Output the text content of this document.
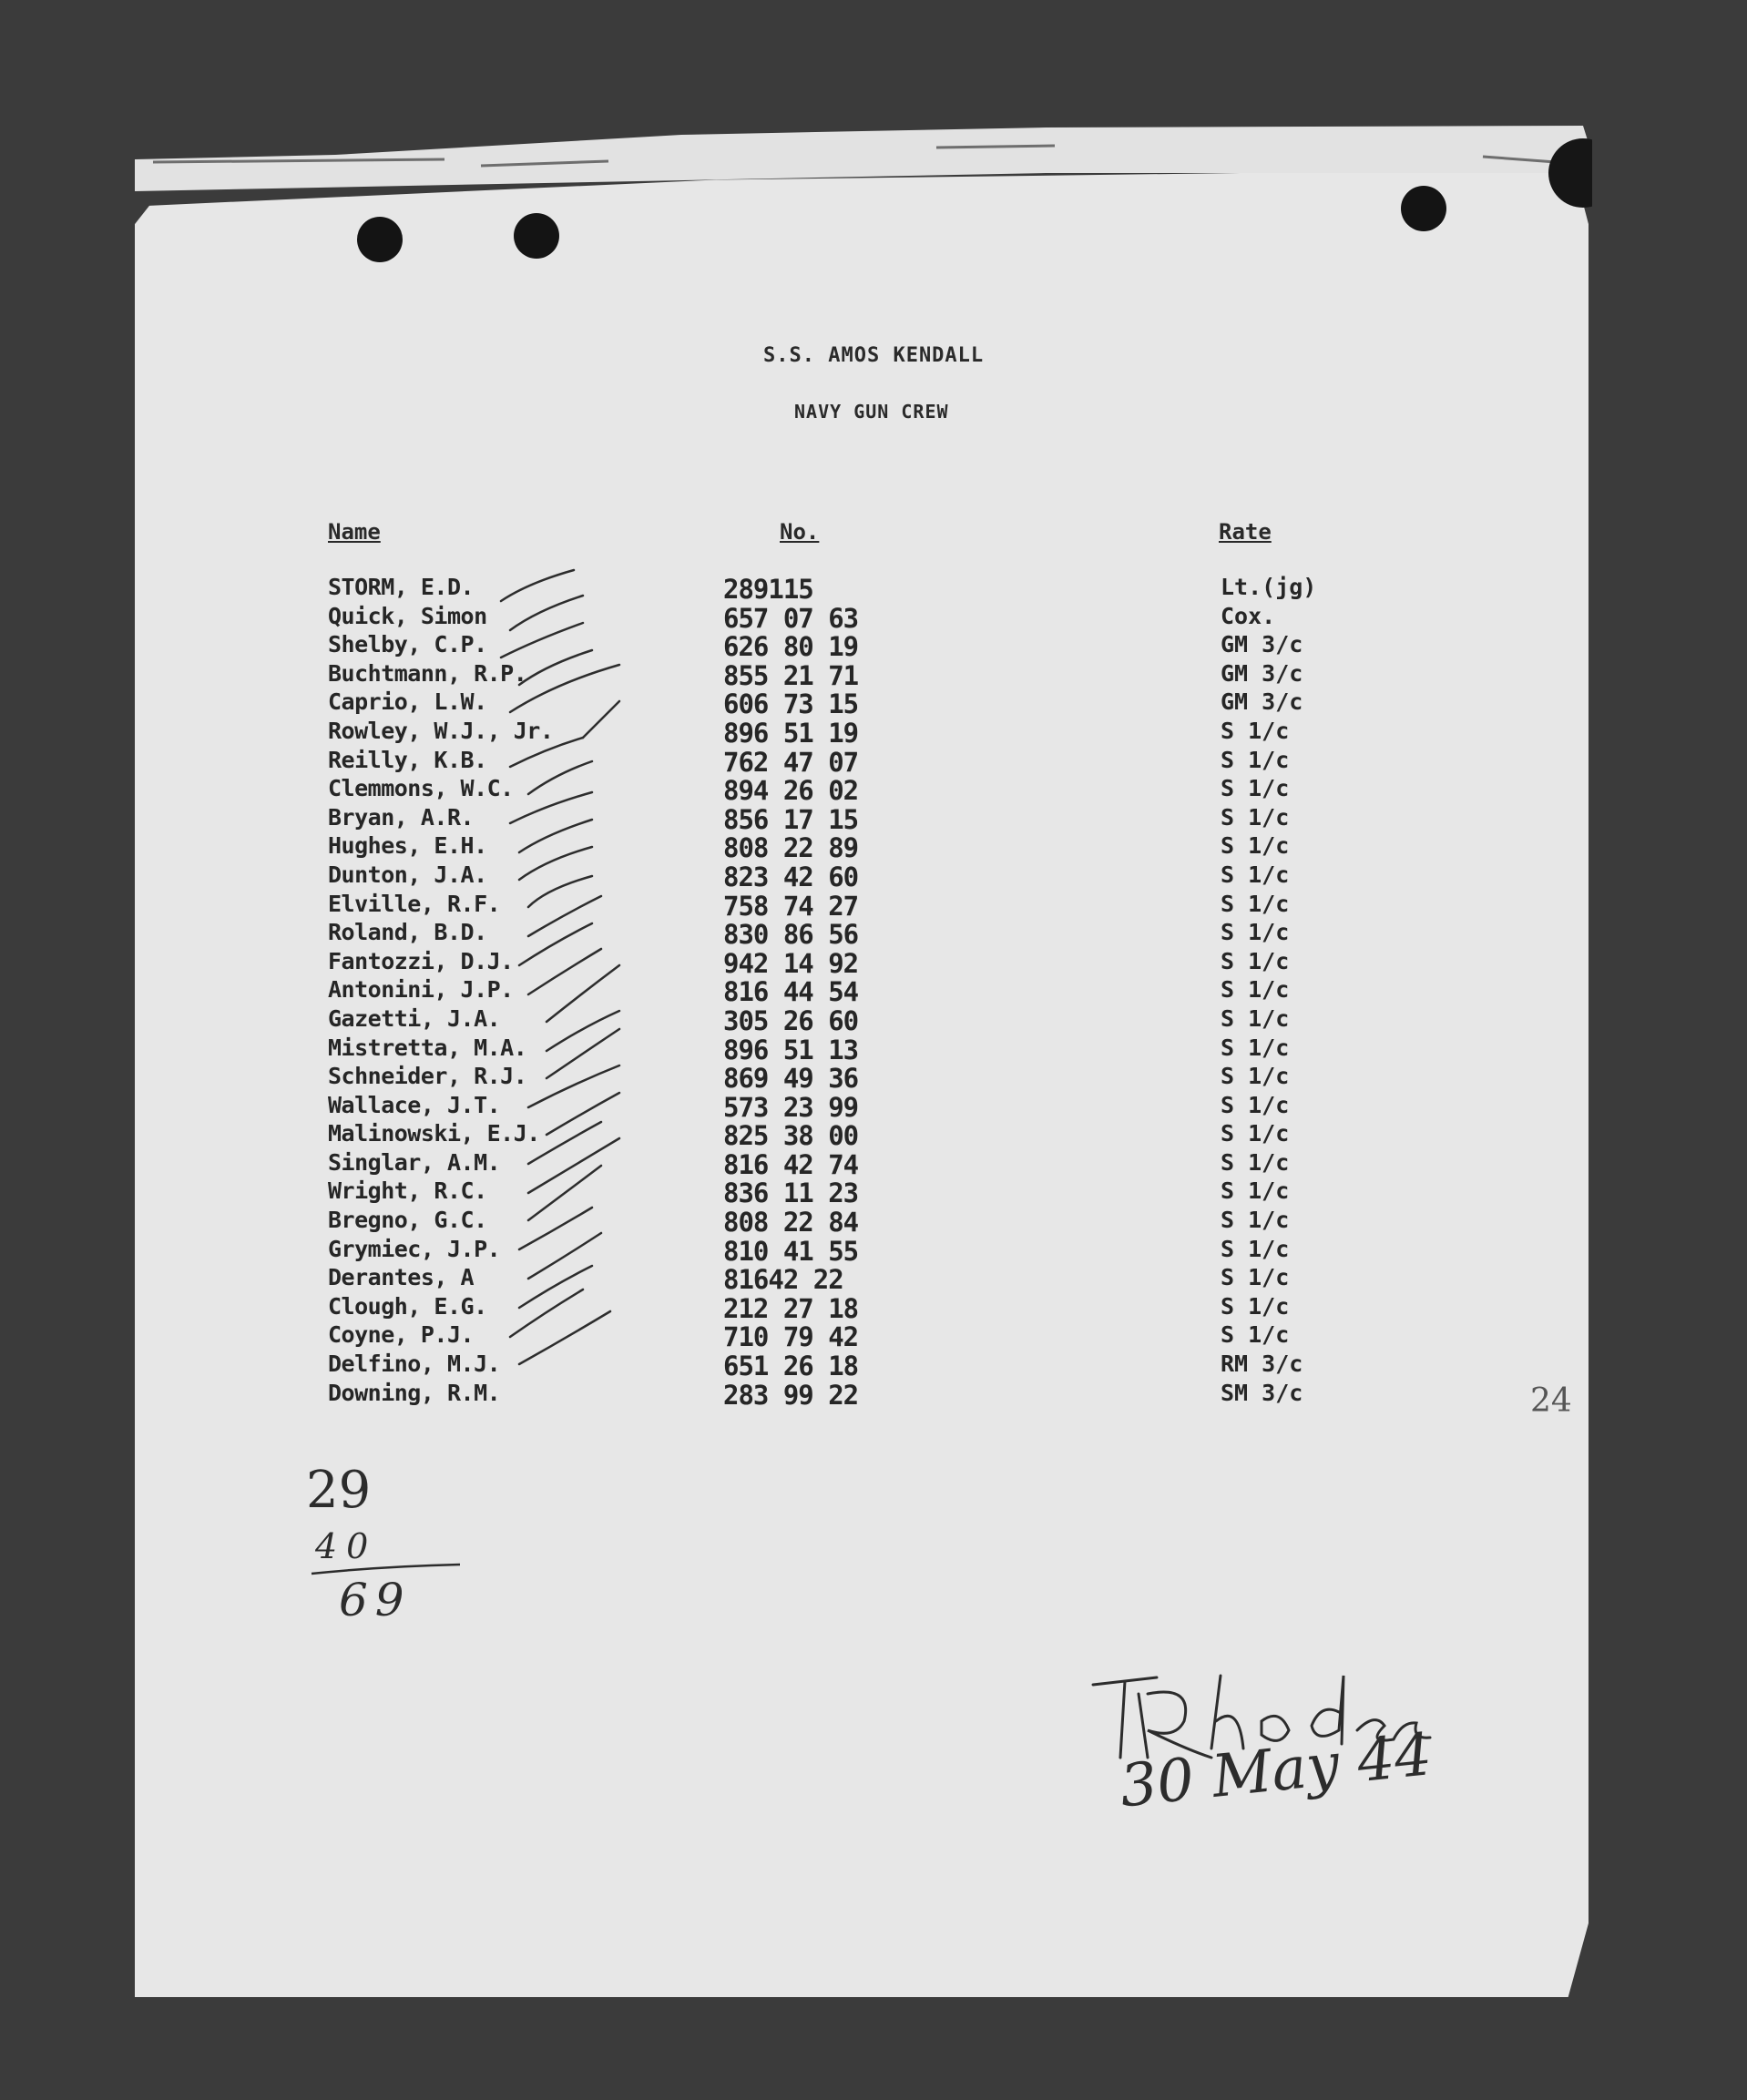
S.S. AMOS KENDALL
NAVY GUN CREW
Name	No.	Rate
STORM, E.D.	289115	Lt.(jg)
Quick, Simon	657 07 63	Cox.
Shelby, C.P.	626 80 19	GM 3/c
Buchtmann, R.P.	855 21 71	GM 3/c
Caprio, L.W.	606 73 15	GM 3/c
Rowley, W.J., Jr.	896 51 19	S 1/c
Reilly, K.B.	762 47 07	S 1/c
Clemmons, W.C.	894 26 02	S 1/c
Bryan, A.R.	856 17 15	S 1/c
Hughes, E.H.	808 22 89	S 1/c
Dunton, J.A.	823 42 60	S 1/c
Elville, R.F.	758 74 27	S 1/c
Roland, B.D.	830 86 56	S 1/c
Fantozzi, D.J.	942 14 92	S 1/c
Antonini, J.P.	816 44 54	S 1/c
Gazetti, J.A.	305 26 60	S 1/c
Mistretta, M.A.	896 51 13	S 1/c
Schneider, R.J.	869 49 36	S 1/c
Wallace, J.T.	573 23 99	S 1/c
Malinowski, E.J.	825 38 00	S 1/c
Singlar, A.M.	816 42 74	S 1/c
Wright, R.C.	836 11 23	S 1/c
Bregno, G.C.	808 22 84	S 1/c
Grymiec, J.P.	810 41 55	S 1/c
Derantes, A	81642 22	S 1/c
Clough, E.G.	212 27 18	S 1/c
Coyne, P.J.	710 79 42	S 1/c
Delfino, M.J.	651 26 18	RM 3/c
Downing, R.M.	283 99 22	SM 3/c	24
29
40
69
30 May 44
